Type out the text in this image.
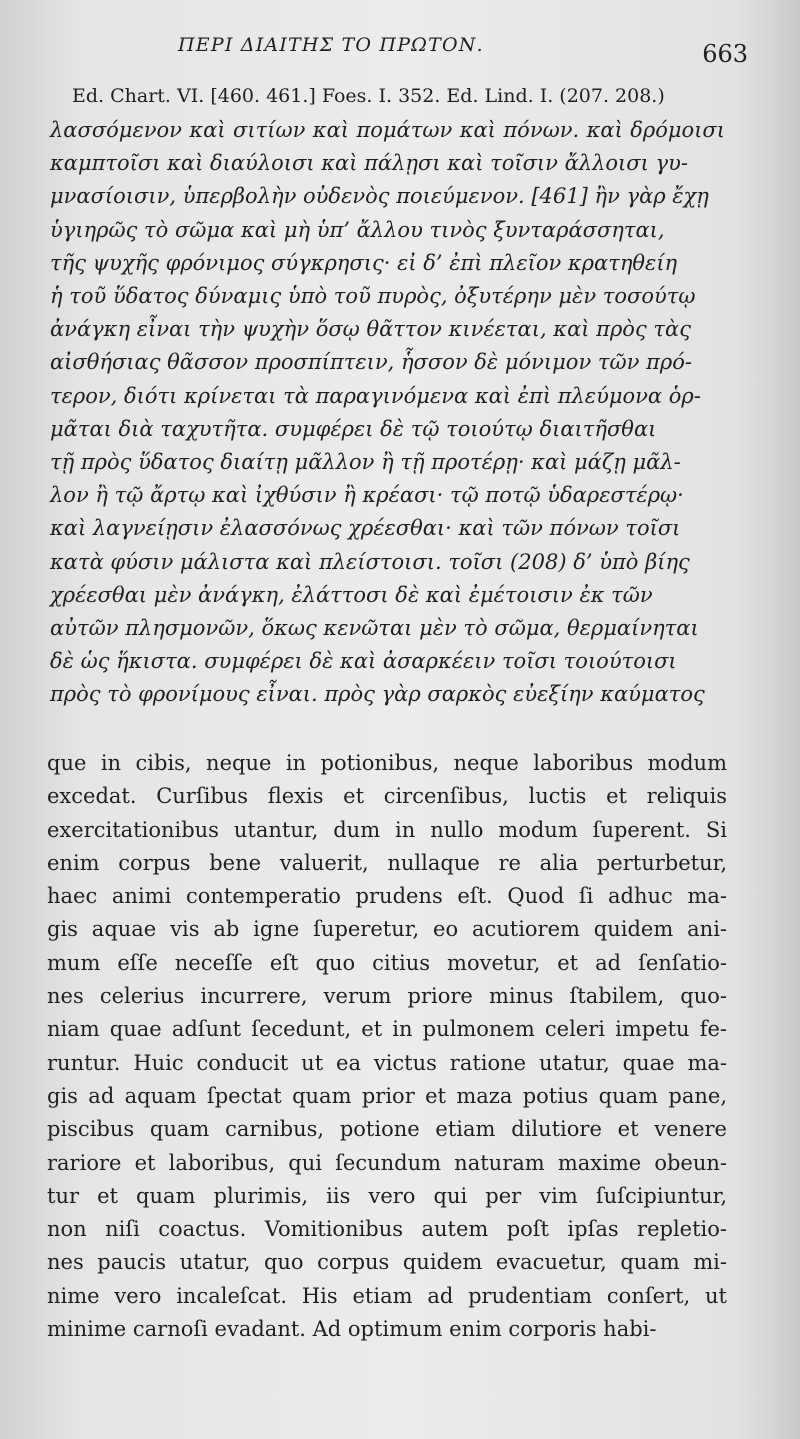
ΠΕΡΙ ΔΙΑΙΤΗΣ ΤΟ ΠΡΩΤΟΝ.	663
Ed. Chart. VI. [460. 461.] Foes. I. 352. Ed. Lind. I. (207. 208.)
λασσόμενον καὶ σιτίων καὶ πομάτων καὶ πόνων. καὶ δρόμοισι
καμπτοῖσι καὶ διαύλοισι καὶ πάλῃσι καὶ τοῖσιν ἄλλοισι γυ-
μνασίοισιν, ὑπερβολὴν οὐδενὸς ποιεύμενον. [461] ἢν γὰρ ἔχῃ
ὑγιηρῶς τὸ σῶμα καὶ μὴ ὑπ’ ἄλλου τινὸς ξυνταράσσηται,
τῆς ψυχῆς φρόνιμος σύγκρησις· εἰ δ’ ἐπὶ πλεῖον κρατηθείη
ἡ τοῦ ὕδατος δύναμις ὑπὸ τοῦ πυρὸς, ὀξυτέρην μὲν τοσούτῳ
ἀνάγκη εἶναι τὴν ψυχὴν ὅσῳ θᾶττον κινέεται, καὶ πρὸς τὰς
αἰσθήσιας θᾶσσον προσπίπτειν, ἧσσον δὲ μόνιμον τῶν πρό-
τερον, διότι κρίνεται τὰ παραγινόμενα καὶ ἐπὶ πλεύμονα ὁρ-
μᾶται διὰ ταχυτῆτα. συμφέρει δὲ τῷ τοιούτῳ διαιτῆσθαι
τῇ πρὸς ὕδατος διαίτῃ μᾶλλον ἢ τῇ προτέρῃ· καὶ μάζῃ μᾶλ-
λον ἢ τῷ ἄρτῳ καὶ ἰχθύσιν ἢ κρέασι· τῷ ποτῷ ὑδαρεστέρῳ·
καὶ λαγνείῃσιν ἐλασσόνως χρέεσθαι· καὶ τῶν πόνων τοῖσι
κατὰ φύσιν μάλιστα καὶ πλείστοισι. τοῖσι (208) δ’ ὑπὸ βίης
χρέεσθαι μὲν ἀνάγκη, ἐλάττοσι δὲ καὶ ἐμέτοισιν ἐκ τῶν
αὐτῶν πλησμονῶν, ὅκως κενῶται μὲν τὸ σῶμα, θερμαίνηται
δὲ ὡς ἥκιστα. συμφέρει δὲ καὶ ἀσαρκέειν τοῖσι τοιούτοισι
πρὸς τὸ φρονίμους εἶναι. πρὸς γὰρ σαρκὸς εὐεξίην καύματος
que in cibis, neque in potionibus, neque laboribus modum
excedat. Curſibus flexis et circenſibus, luctis et reliquis
exercitationibus utantur, dum in nullo modum ſuperent. Si
enim corpus bene valuerit, nullaque re alia perturbetur,
haec animi contemperatio prudens eſt. Quod ſi adhuc ma-
gis aquae vis ab igne ſuperetur, eo acutiorem quidem ani-
mum eſſe neceſſe eſt quo citius movetur, et ad ſenſatio-
nes celerius incurrere, verum priore minus ſtabilem, quo-
niam quae adſunt ſecedunt, et in pulmonem celeri impetu fe-
runtur. Huic conducit ut ea victus ratione utatur, quae ma-
gis ad aquam ſpectat quam prior et maza potius quam pane,
piscibus quam carnibus, potione etiam dilutiore et venere
rariore et laboribus, qui ſecundum naturam maxime obeun-
tur et quam plurimis, iis vero qui per vim ſuſcipiuntur,
non niſi coactus. Vomitionibus autem poſt ipſas repletio-
nes paucis utatur, quo corpus quidem evacuetur, quam mi-
nime vero incaleſcat. His etiam ad prudentiam conſert, ut
minime carnoſi evadant. Ad optimum enim corporis habi-
